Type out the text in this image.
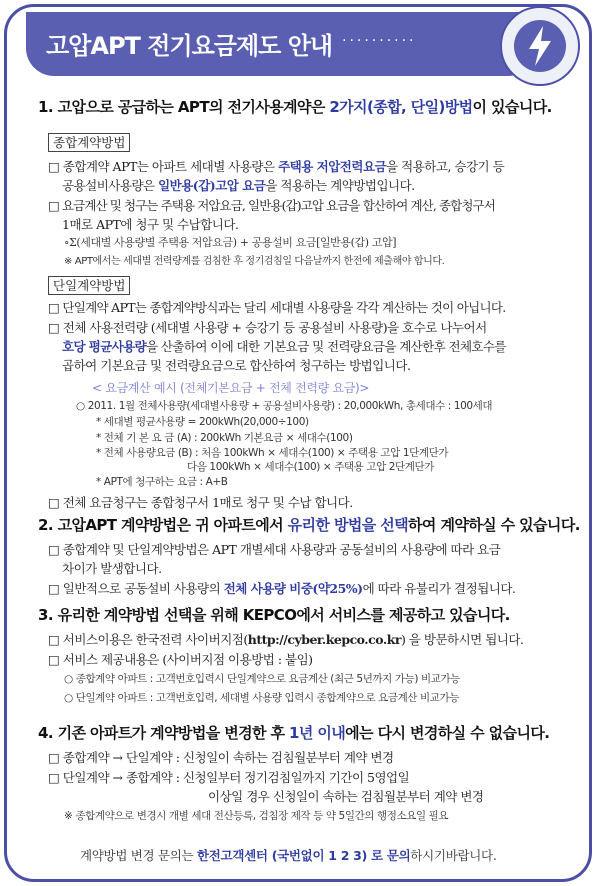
고압APT 전기요금제도 안내 ··········
1. 고압으로 공급하는 APT의 전기사용계약은 2가지(종합, 단일)방법이 있습니다.
종합계약방법
□ 종합계약 APT는 아파트 세대별 사용량은 주택용 저압전력요금을 적용하고, 승강기 등
공용설비사용량은 일반용(갑)고압 요금을 적용하는 계약방법입니다.
□ 요금계산 및 청구는 주택용 저압요금, 일반용(갑)고압 요금을 합산하여 계산, 종합청구서
1매로 APT에 청구 및 수납합니다.
∘Σ(세대별 사용량별 주택용 저압요금) + 공용설비 요금[일반용(갑) 고압]
※ APT에서는 세대별 전력량계를 검침한 후 정기검침일 다음날까지 한전에 제출해야 합니다.
단일계약방법
□ 단일계약 APT는 종합계약방식과는 달리 세대별 사용량을 각각 계산하는 것이 아닙니다.
□ 전체 사용전력량 (세대별 사용량 + 승강기 등 공용설비 사용량)을 호수로 나누어서
호당 평균사용량을 산출하여 이에 대한 기본요금 및 전력량요금을 계산한후 전체호수를
곱하여 기본요금 및 전력량요금으로 합산하여 청구하는 방법입니다.
< 요금계산 예시 (전체기본요금 + 전체 전력량 요금)>
○ 2011. 1월 전체사용량(세대별사용량 + 공용설비사용량) : 20,000kWh, 총세대수 : 100세대
* 세대별 평균사용량 = 200kWh(20,000÷100)
* 전체 기 본 요 금 (A) : 200kWh 기본요금 × 세대수(100)
* 전체 사용량요금 (B) : 처음 100kWh × 세대수(100) × 주택용 고압 1단계단가
다음 100kWh × 세대수(100) × 주택용 고압 2단계단가
* APT에 청구하는 요금 : A+B
□ 전체 요금청구는 종합청구서 1매로 청구 및 수납 합니다.
2. 고압APT 계약방법은 귀 아파트에서 유리한 방법을 선택하여 계약하실 수 있습니다.
□ 종합계약 및 단일계약방법은 APT 개별세대 사용량과 공동설비의 사용량에 따라 요금
차이가 발생합니다.
□ 일반적으로 공동설비 사용량의 전체 사용량 비중(약25%)에 따라 유불리가 결정됩니다.
3. 유리한 계약방법 선택을 위해 KEPCO에서 서비스를 제공하고 있습니다.
□ 서비스이용은 한국전력 사이버지점(http://cyber.kepco.co.kr) 을 방문하시면 됩니다.
□ 서비스 제공내용은 (사이버지점 이용방법 : 붙임)
○ 종합계약 아파트 : 고객번호입력시 단일계약으로 요금계산 (최근 5년까지 가능) 비교가능
○ 단일계약 아파트 : 고객번호입력, 세대별 사용량 입력시 종합계약으로 요금계산 비교가능
4. 기존 아파트가 계약방법을 변경한 후 1년 이내에는 다시 변경하실 수 없습니다.
□ 종합계약 → 단일계약 : 신청일이 속하는 검침월분부터 계약 변경
□ 단일계약 → 종합계약 : 신청일부터 정기검침일까지 기간이 5영업일
이상일 경우 신청일이 속하는 검침월분부터 계약 변경
※ 종합계약으로 변경시 개별 세대 전산등록, 검침장 제작 등 약 5일간의 행정소요일 필요
계약방법 변경 문의는 한전고객센터 (국번없이 1 2 3) 로 문의하시기바랍니다.
